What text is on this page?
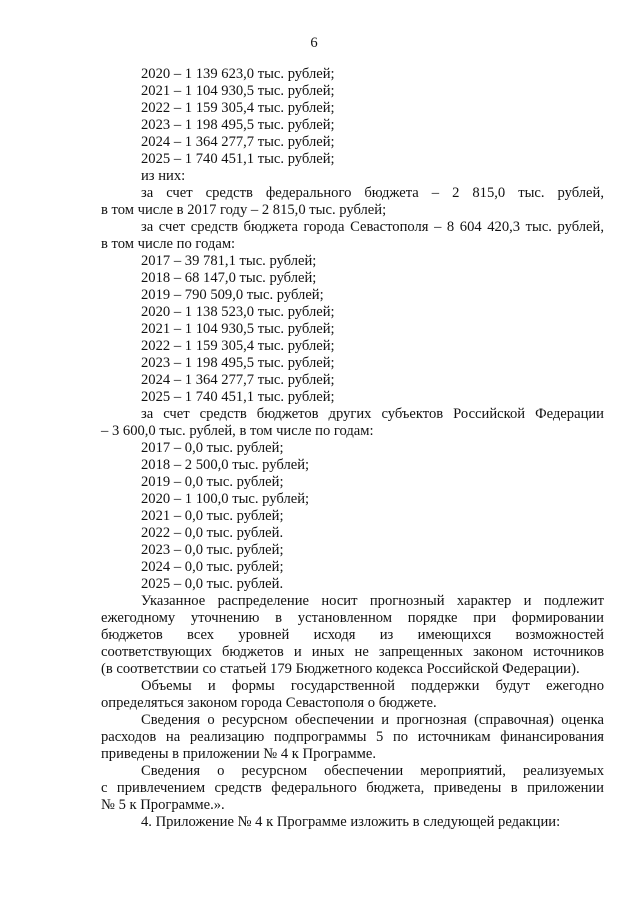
6
2020 – 1 139 623,0 тыс. рублей;
2021 – 1 104 930,5 тыс. рублей;
2022 – 1 159 305,4 тыс. рублей;
2023 – 1 198 495,5 тыс. рублей;
2024 – 1 364 277,7 тыс. рублей;
2025 – 1 740 451,1 тыс. рублей;
из них:
за счет средств федерального бюджета – 2 815,0 тыс. рублей,
в том числе в 2017 году – 2 815,0 тыс. рублей;
за счет средств бюджета города Севастополя – 8 604 420,3 тыс. рублей,
в том числе по годам:
2017 – 39 781,1 тыс. рублей;
2018 – 68 147,0 тыс. рублей;
2019 – 790 509,0 тыс. рублей;
2020 – 1 138 523,0 тыс. рублей;
2021 – 1 104 930,5 тыс. рублей;
2022 – 1 159 305,4 тыс. рублей;
2023 – 1 198 495,5 тыс. рублей;
2024 – 1 364 277,7 тыс. рублей;
2025 – 1 740 451,1 тыс. рублей;
за счет средств бюджетов других субъектов Российской Федерации
– 3 600,0 тыс. рублей, в том числе по годам:
2017 – 0,0 тыс. рублей;
2018 – 2 500,0 тыс. рублей;
2019 – 0,0 тыс. рублей;
2020 – 1 100,0 тыс. рублей;
2021 – 0,0 тыс. рублей;
2022 – 0,0 тыс. рублей.
2023 – 0,0 тыс. рублей;
2024 – 0,0 тыс. рублей;
2025 – 0,0 тыс. рублей.
Указанное распределение носит прогнозный характер и подлежит
ежегодному уточнению в установленном порядке при формировании
бюджетов всех уровней исходя из имеющихся возможностей
соответствующих бюджетов и иных не запрещенных законом источников
(в соответствии со статьей 179 Бюджетного кодекса Российской Федерации).
Объемы и формы государственной поддержки будут ежегодно
определяться законом города Севастополя о бюджете.
Сведения о ресурсном обеспечении и прогнозная (справочная) оценка
расходов на реализацию подпрограммы 5 по источникам финансирования
приведены в приложении № 4 к Программе.
Сведения о ресурсном обеспечении мероприятий, реализуемых
с привлечением средств федерального бюджета, приведены в приложении
№ 5 к Программе.».
4. Приложение № 4 к Программе изложить в следующей редакции:
